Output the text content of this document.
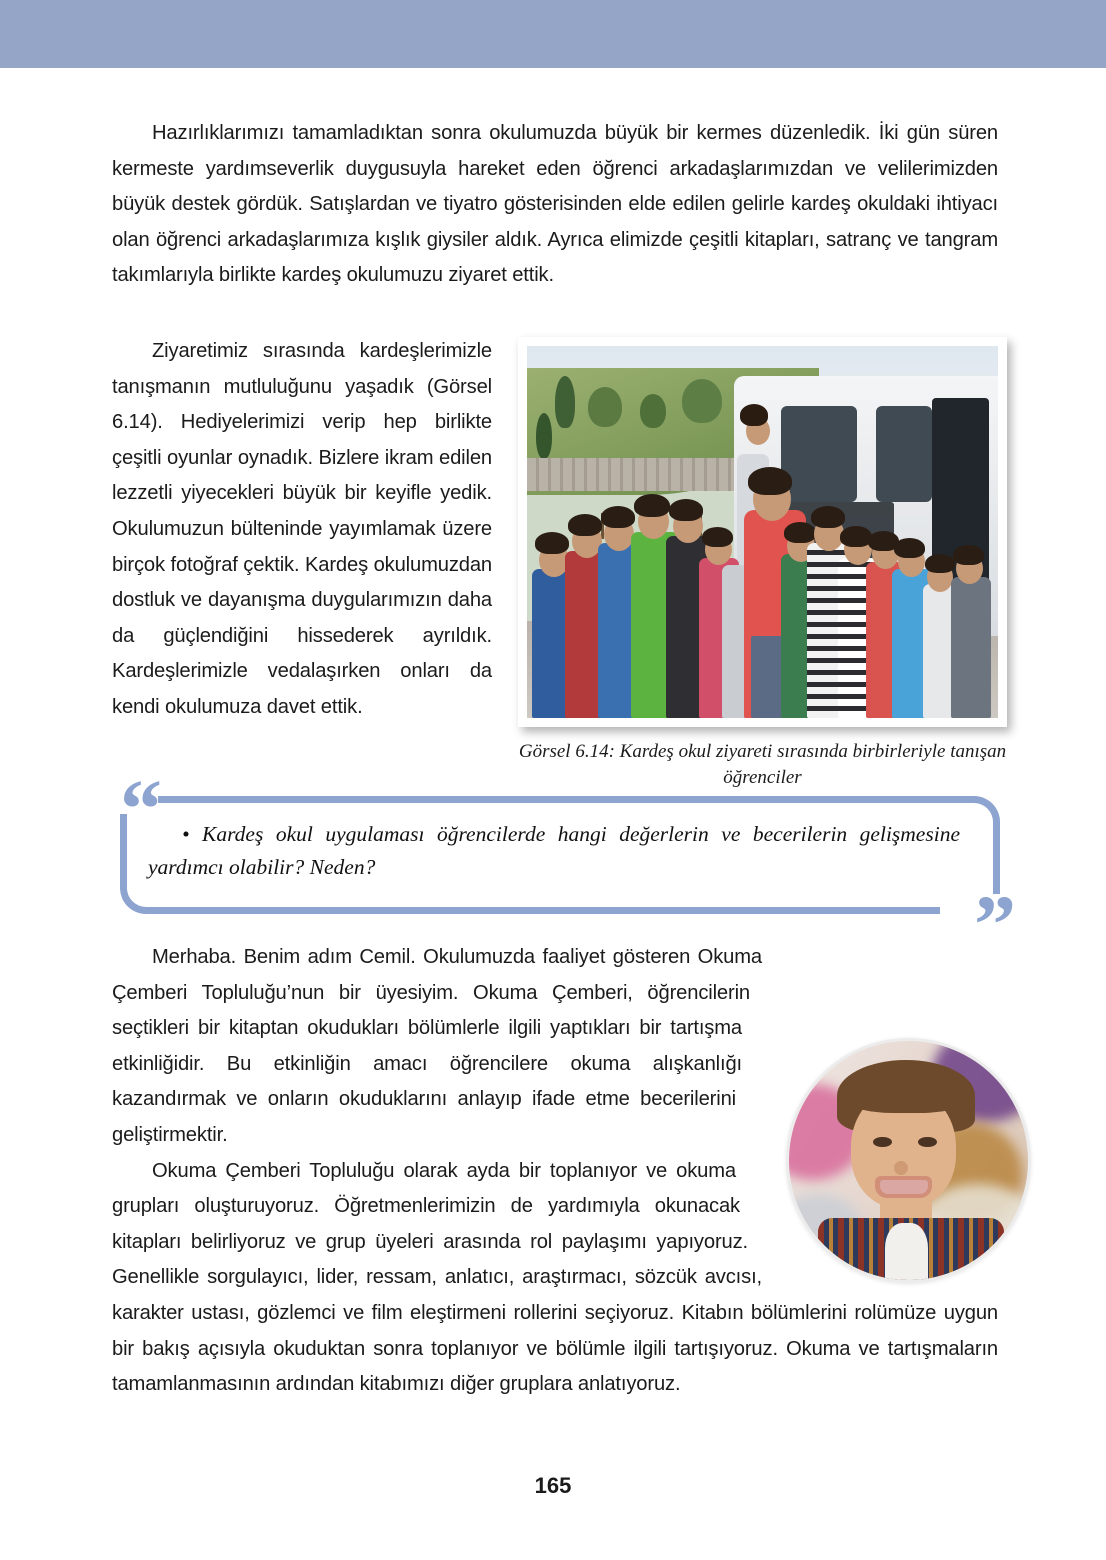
Hazırlıklarımızı tamamladıktan sonra okulumuzda büyük bir kermes düzenledik. İki gün süren kermeste yardımseverlik duygusuyla hareket eden öğrenci arkadaşlarımızdan ve velilerimizden büyük destek gördük. Satışlardan ve tiyatro gösterisinden elde edilen gelirle kardeş okuldaki ihtiyacı olan öğrenci arkadaşlarımıza kışlık giysiler aldık. Ayrıca elimizde çeşitli kitapları, satranç ve tangram takımlarıyla birlikte kardeş okulumuzu ziyaret ettik.

Ziyaretimiz sırasında kardeşlerimizle tanışmanın mutluluğunu yaşadık (Görsel 6.14). Hediyelerimizi verip hep birlikte çeşitli oyunlar oynadık. Bizlere ikram edilen lezzetli yiyecekleri büyük bir keyifle yedik. Okulumuzun bülteninde yayımlamak üzere birçok fotoğraf çektik. Kardeş okulumuzdan dostluk ve dayanışma duygularımızın daha da güçlendiğini hissederek ayrıldık. Kardeşlerimizle vedalaşırken onları da kendi okulumuza davet ettik.

Görsel 6.14: Kardeş okul ziyareti sırasında birbirleriyle tanışan öğrenciler
“
”
• Kardeş okul uygulaması öğrencilerde hangi değerlerin ve becerilerin gelişmesine yardımcı olabilir? Neden?

Merhaba. Benim adım Cemil. Okulumuzda faaliyet gösteren Okuma Çemberi Topluluğu’nun bir üyesiyim. Okuma Çemberi, öğrencilerin seçtikleri bir kitaptan okudukları bölümlerle ilgili yaptıkları bir tartışma etkinliğidir. Bu etkinliğin amacı öğrencilere okuma alışkanlığı kazandırmak ve onların okuduklarını anlayıp ifade etme becerilerini geliştirmektir.

Okuma Çemberi Topluluğu olarak ayda bir toplanıyor ve okuma grupları oluşturuyoruz. Öğretmenlerimizin de yardımıyla okunacak kitapları belirliyoruz ve grup üyeleri arasında rol paylaşımı yapıyoruz. Genellikle sorgulayıcı, lider, ressam, anlatıcı, araştırmacı, sözcük avcısı, karakter ustası, gözlemci ve film eleştirmeni rollerini seçiyoruz. Kitabın bölümlerini rolümüze uygun bir bakış açısıyla okuduktan sonra toplanıyor ve bölümle ilgili tartışıyoruz. Okuma ve tartışmaların tamamlanmasının ardından kitabımızı diğer gruplara anlatıyoruz.

165
